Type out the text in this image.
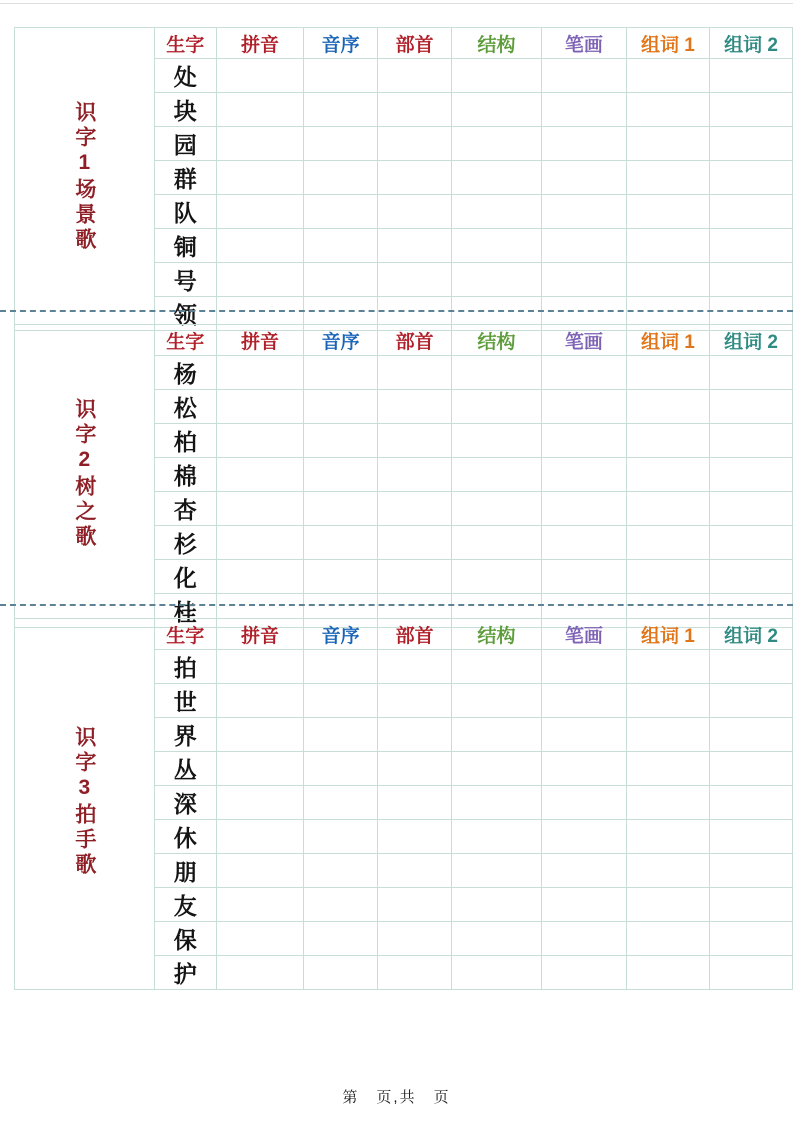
识字1场景歌	生字	拼音	音序	部首	结构	笔画	组词 1	组词 2
	处							
	块							
	园							
	群							
	队							
	铜							
	号							
	领							
识字2树之歌	生字	拼音	音序	部首	结构	笔画	组词 1	组词 2
	杨							
	松							
	柏							
	棉							
	杏							
	杉							
	化							
	桂							
识字3拍手歌	生字	拼音	音序	部首	结构	笔画	组词 1	组词 2
	拍							
	世							
	界							
	丛							
	深							
	休							
	朋							
	友							
	保							
	护							
第　页,共　页
